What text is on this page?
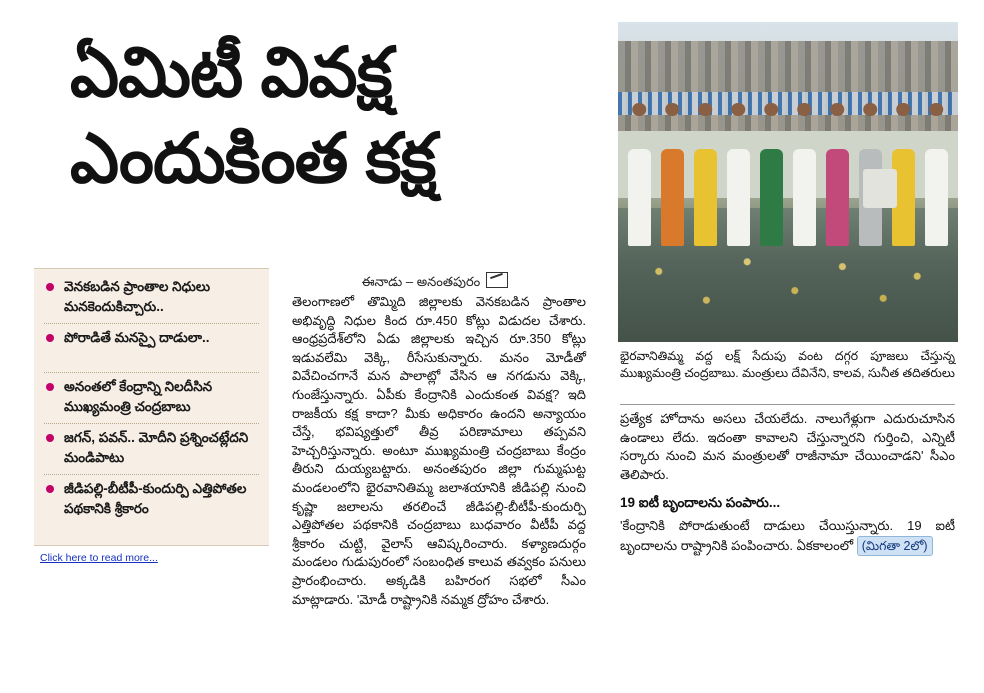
ఏమిటీ వివక్ష
ఎందుకింత కక్ష
వెనకబడిన ప్రాంతాల నిధులు మనకెందుకిచ్చారు..
పోరాడితే మనస్పై దాడులా..
అనంతలో కేంద్రాన్ని నిలదీసిన ముఖ్యమంత్రి చంద్రబాబు
జగన్, పవన్.. మోదీని ప్రశ్నించట్లేదని మండిపాటు
జీడిపల్లి-బీటీపీ-కుందుర్పి ఎత్తిపోతల పథకానికి శ్రీకారం
Click here to read more...
ఈనాడు – అనంతపురం
తెలంగాణలో తొమ్మిది జిల్లాలకు వెనకబడిన ప్రాంతాల అభివృద్ధి నిధుల కింద రూ.450 కోట్లు విడుదల చేశారు. ఆంధ్రప్రదేశ్‌లోని ఏడు జిల్లాలకు ఇచ్చిన రూ.350 కోట్లు ఇడువలేమి వెక్కి, రీసేసుకున్నారు. మనం మోడీతో వివేచించగానే మన పాలాట్లో వేసిన ఆ నగడును వెక్కి, గుంజేస్తున్నారు. ఏపీకు కేంద్రానికి ఎందుకంత వివక్ష? ఇది రాజకీయ కక్ష కాదా? మీకు అధికారం ఉందని అన్యాయం చేస్తే, భవిష్యత్తులో తీవ్ర పరిణామాలు తప్పవని హెచ్చరిస్తున్నారు. అంటూ ముఖ్యమంత్రి చంద్రబాబు కేంద్రం తీరుని దుయ్యబట్టారు. అనంతపురం జిల్లా గుమ్మఘట్ట మండలంలోని భైరవానితిమ్మ జలాశయానికి జీడిపల్లి నుంచి కృష్ణా జలాలను తరలించే జీడిపల్లి-బీటీపీ-కుందుర్పి ఎత్తిపోతల పథకానికి చంద్రబాబు బుధవారం వీటీపీ వద్ద శ్రీకారం చుట్టి, వైలాస్ ఆవిష్కరించారు. కళ్యాణదుర్గం మండలం గుడుపురంలో సంబంధిత కాలువ తవ్వకం పనులు ప్రారంభించారు. అక్కడికి బహిరంగ సభలో సీఎం మాట్లాడారు. 'మోడీ రాష్ట్రానికి నమ్మక ద్రోహం చేశారు.
భైరవానితిమ్మ వద్ద లక్ష్ సేదుపు వంట దగ్గర పూజలు చేస్తున్న ముఖ్యమంత్రి చంద్రబాబు. మంత్రులు దేవినేని, కాలవ, సునీత తదితరులు
ప్రత్యేక హోదాను అసలు చేయలేదు. నాలుగేళ్లుగా ఎదురుచూసిన ఉండాలు లేదు. ఇదంతా కావాలని చేస్తున్నారని గుర్తించి, ఎన్నిటీ సర్కారు నుంచి మన మంత్రులతో రాజీనామా చేయించాడని' సీఎం తెలిపారు.
19 ఐటీ బృందాలను పంపారు...
'కేంద్రానికి పోరాడుతుంటే దాడులు చేయిస్తున్నారు. 19 ఐటీ బృందాలను రాష్ట్రానికి పంపించారు. ఏకకాలంలో (మిగతా 2లో)
